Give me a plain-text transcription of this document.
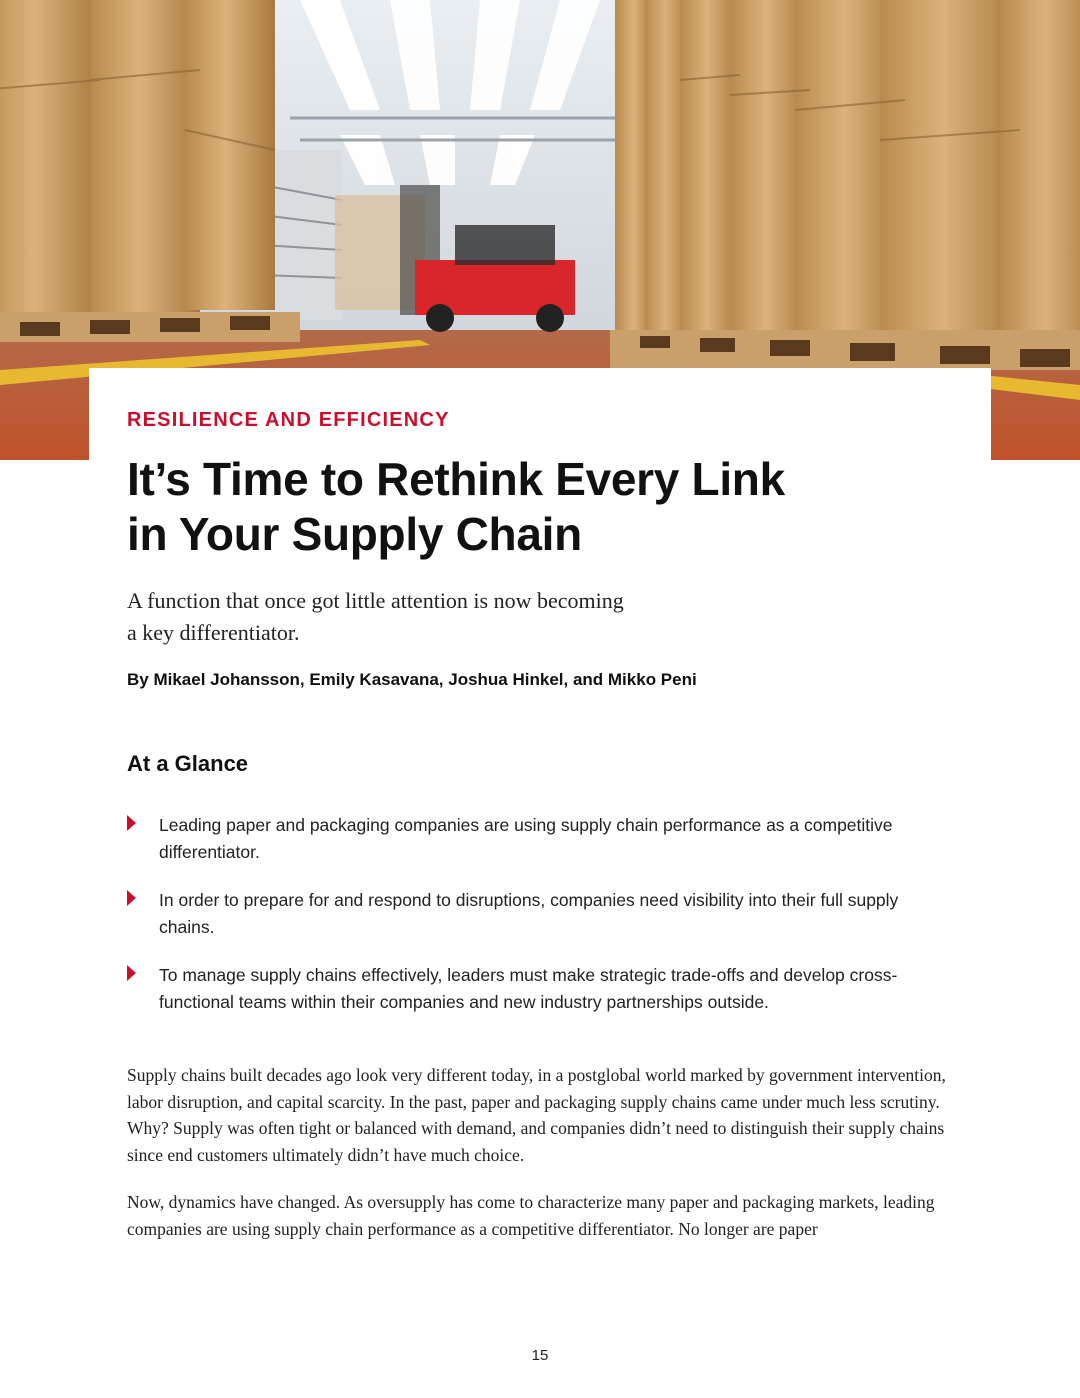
RESILIENCE AND EFFICIENCY

It’s Time to Rethink Every Link
in Your Supply Chain

A function that once got little attention is now becoming
a key differentiator.

By Mikael Johansson, Emily Kasavana, Joshua Hinkel, and Mikko Peni

At a Glance
Leading paper and packaging companies are using supply chain performance as a competitive differentiator.
In order to prepare for and respond to disruptions, companies need visibility into their full supply chains.
To manage supply chains effectively, leaders must make strategic trade-offs and develop cross-functional teams within their companies and new industry partnerships outside.

Supply chains built decades ago look very different today, in a postglobal world marked by government intervention, labor disruption, and capital scarcity. In the past, paper and packaging supply chains came under much less scrutiny. Why? Supply was often tight or balanced with demand, and companies didn’t need to distinguish their supply chains since end customers ultimately didn’t have much choice.

Now, dynamics have changed. As oversupply has come to characterize many paper and packaging markets, leading companies are using supply chain performance as a competitive differentiator. No longer are paper

15
